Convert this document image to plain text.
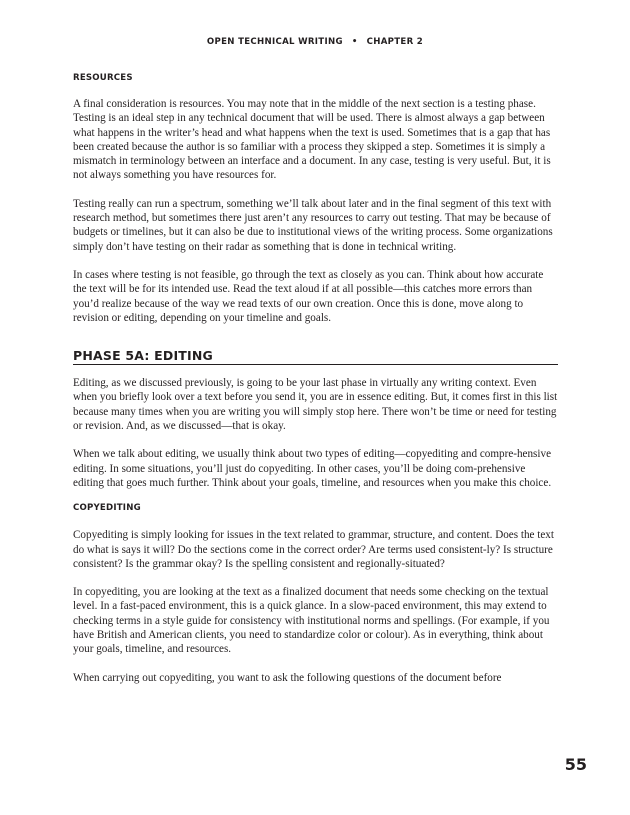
OPEN TECHNICAL WRITING • CHAPTER 2
RESOURCES

A final consideration is resources. You may note that in the middle of the next section is a testing phase. Testing is an ideal step in any technical document that will be used. There is almost always a gap between what happens in the writer’s head and what happens when the text is used. Sometimes that is a gap that has been created because the author is so familiar with a process they skipped a step. Sometimes it is simply a mismatch in terminology between an interface and a document. In any case, testing is very useful. But, it is not always something you have resources for.

Testing really can run a spectrum, something we’ll talk about later and in the final segment of this text with research method, but sometimes there just aren’t any resources to carry out testing. That may be because of budgets or timelines, but it can also be due to institutional views of the writing process. Some organizations simply don’t have testing on their radar as something that is done in technical writing.

In cases where testing is not feasible, go through the text as closely as you can. Think about how accurate the text will be for its intended use. Read the text aloud if at all possible—this catches more errors than you’d realize because of the way we read texts of our own creation. Once this is done, move along to revision or editing, depending on your timeline and goals.

PHASE 5A: EDITING

Editing, as we discussed previously, is going to be your last phase in virtually any writing context. Even when you briefly look over a text before you send it, you are in essence editing. But, it comes first in this list because many times when you are writing you will simply stop here. There won’t be time or need for testing or revision. And, as we discussed—that is okay.

When we talk about editing, we usually think about two types of editing—copyediting and compre-hensive editing. In some situations, you’ll just do copyediting. In other cases, you’ll be doing com-prehensive editing that goes much further. Think about your goals, timeline, and resources when you make this choice.

COPYEDITING

Copyediting is simply looking for issues in the text related to grammar, structure, and content. Does the text do what is says it will? Do the sections come in the correct order? Are terms used consistent-ly? Is structure consistent? Is the grammar okay? Is the spelling consistent and regionally-situated?

In copyediting, you are looking at the text as a finalized document that needs some checking on the textual level. In a fast-paced environment, this is a quick glance. In a slow-paced environment, this may extend to checking terms in a style guide for consistency with institutional norms and spellings. (For example, if you have British and American clients, you need to standardize color or colour). As in everything, think about your goals, timeline, and resources.

When carrying out copyediting, you want to ask the following questions of the document before

55
